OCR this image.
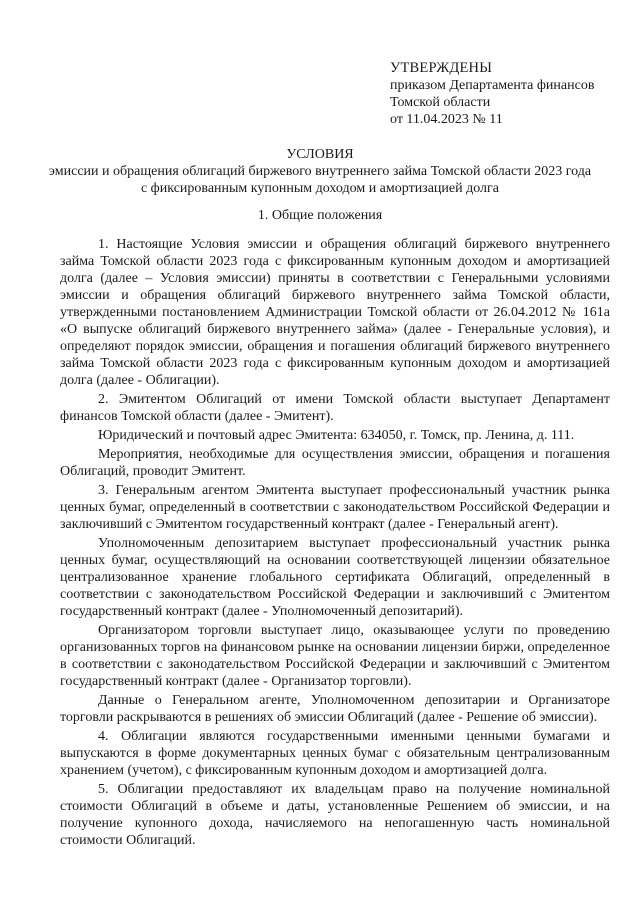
УТВЕРЖДЕНЫ
приказом Департамента финансов
Томской области
от 11.04.2023 № 11
УСЛОВИЯ
эмиссии и обращения облигаций биржевого внутреннего займа Томской области 2023 года
с фиксированным купонным доходом и амортизацией долга
1. Общие положения

1. Настоящие Условия эмиссии и обращения облигаций биржевого внутреннего займа Томской области 2023 года с фиксированным купонным доходом и амортизацией долга (далее – Условия эмиссии) приняты в соответствии с Генеральными условиями эмиссии и обращения облигаций биржевого внутреннего займа Томской области, утвержденными постановлением Администрации Томской области от 26.04.2012 № 161а «О выпуске облигаций биржевого внутреннего займа» (далее - Генеральные условия), и определяют порядок эмиссии, обращения и погашения облигаций биржевого внутреннего займа Томской области 2023 года с фиксированным купонным доходом и амортизацией долга (далее - Облигации).

2. Эмитентом Облигаций от имени Томской области выступает Департамент финансов Томской области (далее - Эмитент).

Юридический и почтовый адрес Эмитента: 634050, г. Томск, пр. Ленина, д. 111.

Мероприятия, необходимые для осуществления эмиссии, обращения и погашения Облигаций, проводит Эмитент.

3. Генеральным агентом Эмитента выступает профессиональный участник рынка ценных бумаг, определенный в соответствии с законодательством Российской Федерации и заключивший с Эмитентом государственный контракт (далее - Генеральный агент).

Уполномоченным депозитарием выступает профессиональный участник рынка ценных бумаг, осуществляющий на основании соответствующей лицензии обязательное централизованное хранение глобального сертификата Облигаций, определенный в соответствии с законодательством Российской Федерации и заключивший с Эмитентом государственный контракт (далее - Уполномоченный депозитарий).

Организатором торговли выступает лицо, оказывающее услуги по проведению организованных торгов на финансовом рынке на основании лицензии биржи, определенное в соответствии с законодательством Российской Федерации и заключивший с Эмитентом государственный контракт (далее - Организатор торговли).

Данные о Генеральном агенте, Уполномоченном депозитарии и Организаторе торговли раскрываются в решениях об эмиссии Облигаций (далее - Решение об эмиссии).

4. Облигации являются государственными именными ценными бумагами и выпускаются в форме документарных ценных бумаг с обязательным централизованным хранением (учетом), с фиксированным купонным доходом и амортизацией долга.

5. Облигации предоставляют их владельцам право на получение номинальной стоимости Облигаций в объеме и даты, установленные Решением об эмиссии, и на получение купонного дохода, начисляемого на непогашенную часть номинальной стоимости Облигаций.
